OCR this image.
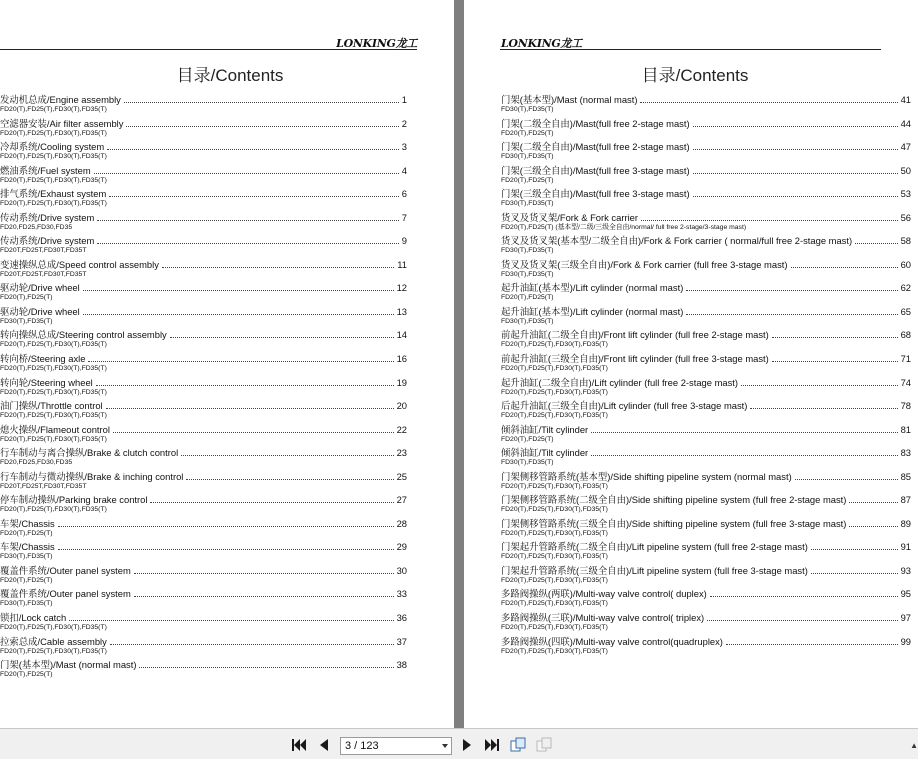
LONKING龙工
目录/Contents
发动机总成/Engine assembly	1
FD20(T),FD25(T),FD30(T),FD35(T)
空滤器安装/Air filter assembly	2
FD20(T),FD25(T),FD30(T),FD35(T)
冷却系统/Cooling system	3
FD20(T),FD25(T),FD30(T),FD35(T)
燃油系统/Fuel system	4
FD20(T),FD25(T),FD30(T),FD35(T)
排气系统/Exhaust system	6
FD20(T),FD25(T),FD30(T),FD35(T)
传动系统/Drive system	7
FD20,FD25,FD30,FD35
传动系统/Drive system	9
FD20T,FD25T,FD30T,FD35T
变速操纵总成/Speed control assembly	11
FD20T,FD25T,FD30T,FD35T
驱动轮/Drive wheel	12
FD20(T),FD25(T)
驱动轮/Drive wheel	13
FD30(T),FD35(T)
转向操纵总成/Steering control assembly	14
FD20(T),FD25(T),FD30(T),FD35(T)
转向桥/Steering axle	16
FD20(T),FD25(T),FD30(T),FD35(T)
转向轮/Steering wheel	19
FD20(T),FD25(T),FD30(T),FD35(T)
油门操纵/Throttle control	20
FD20(T),FD25(T),FD30(T),FD35(T)
熄火操纵/Flameout control	22
FD20(T),FD25(T),FD30(T),FD35(T)
行车制动与离合操纵/Brake & clutch control	23
FD20,FD25,FD30,FD35
行车制动与微动操纵/Brake & inching control	25
FD20T,FD25T,FD30T,FD35T
停车制动操纵/Parking brake control	27
FD20(T),FD25(T),FD30(T),FD35(T)
车架/Chassis	28
FD20(T),FD25(T)
车架/Chassis	29
FD30(T),FD35(T)
覆盖件系统/Outer panel system	30
FD20(T),FD25(T)
覆盖件系统/Outer panel system	33
FD30(T),FD35(T)
锁扣/Lock catch	36
FD20(T),FD25(T),FD30(T),FD35(T)
拉索总成/Cable assembly	37
FD20(T),FD25(T),FD30(T),FD35(T)
门架(基本型)/Mast (normal mast)	38
FD20(T),FD25(T)
LONKING龙工
目录/Contents
门架(基本型)/Mast (normal mast)	41
FD30(T),FD35(T)
门架(二级全自由)/Mast(full free 2-stage mast)	44
FD20(T),FD25(T)
门架(二级全自由)/Mast(full free 2-stage mast)	47
FD30(T),FD35(T)
门架(三级全自由)/Mast(full free 3-stage mast)	50
FD20(T),FD25(T)
门架(三级全自由)/Mast(full free 3-stage mast)	53
FD30(T),FD35(T)
货叉及货叉架/Fork & Fork carrier	56
FD20(T),FD25(T) (基本型/二级/三级全自由/normal/ full free 2-stage/3-stage mast)
货叉及货叉架(基本型/二级全自由)/Fork & Fork carrier ( normal/full free 2-stage mast)	58
FD30(T),FD35(T)
货叉及货叉架(三级全自由)/Fork & Fork carrier (full free 3-stage mast)	60
FD30(T),FD35(T)
起升油缸(基本型)/Lift cylinder (normal mast)	62
FD20(T),FD25(T)
起升油缸(基本型)/Lift cylinder (normal mast)	65
FD30(T),FD35(T)
前起升油缸(二级全自由)/Front lift cylinder (full free 2-stage mast)	68
FD20(T),FD25(T),FD30(T),FD35(T)
前起升油缸(三级全自由)/Front lift cylinder (full free 3-stage mast)	71
FD20(T),FD25(T),FD30(T),FD35(T)
起升油缸(二级全自由)/Lift cylinder (full free 2-stage mast)	74
FD20(T),FD25(T),FD30(T),FD35(T)
后起升油缸(三级全自由)/Lift cylinder (full free 3-stage mast)	78
FD20(T),FD25(T),FD30(T),FD35(T)
倾斜油缸/Tilt cylinder	81
FD20(T),FD25(T)
倾斜油缸/Tilt cylinder	83
FD30(T),FD35(T)
门架侧移管路系统(基本型)/Side shifting pipeline system (normal mast)	85
FD20(T),FD25(T),FD30(T),FD35(T)
门架侧移管路系统(二级全自由)/Side shifting pipeline system (full free 2-stage mast)	87
FD20(T),FD25(T),FD30(T),FD35(T)
门架侧移管路系统(三级全自由)/Side shifting pipeline system (full free 3-stage mast)	89
FD20(T),FD25(T),FD30(T),FD35(T)
门架起升管路系统(二级全自由)/Lift pipeline system (full free 2-stage mast)	91
FD20(T),FD25(T),FD30(T),FD35(T)
门架起升管路系统(三级全自由)/Lift pipeline system (full free 3-stage mast)	93
FD20(T),FD25(T),FD30(T),FD35(T)
多路阀操纵(两联)/Multi-way valve control( duplex)	95
FD20(T),FD25(T),FD30(T),FD35(T)
多路阀操纵(三联)/Multi-way valve control( triplex)	97
FD20(T),FD25(T),FD30(T),FD35(T)
多路阀操纵(四联)/Multi-way valve control(quadruplex)	99
FD20(T),FD25(T),FD30(T),FD35(T)
3 / 123	▲
